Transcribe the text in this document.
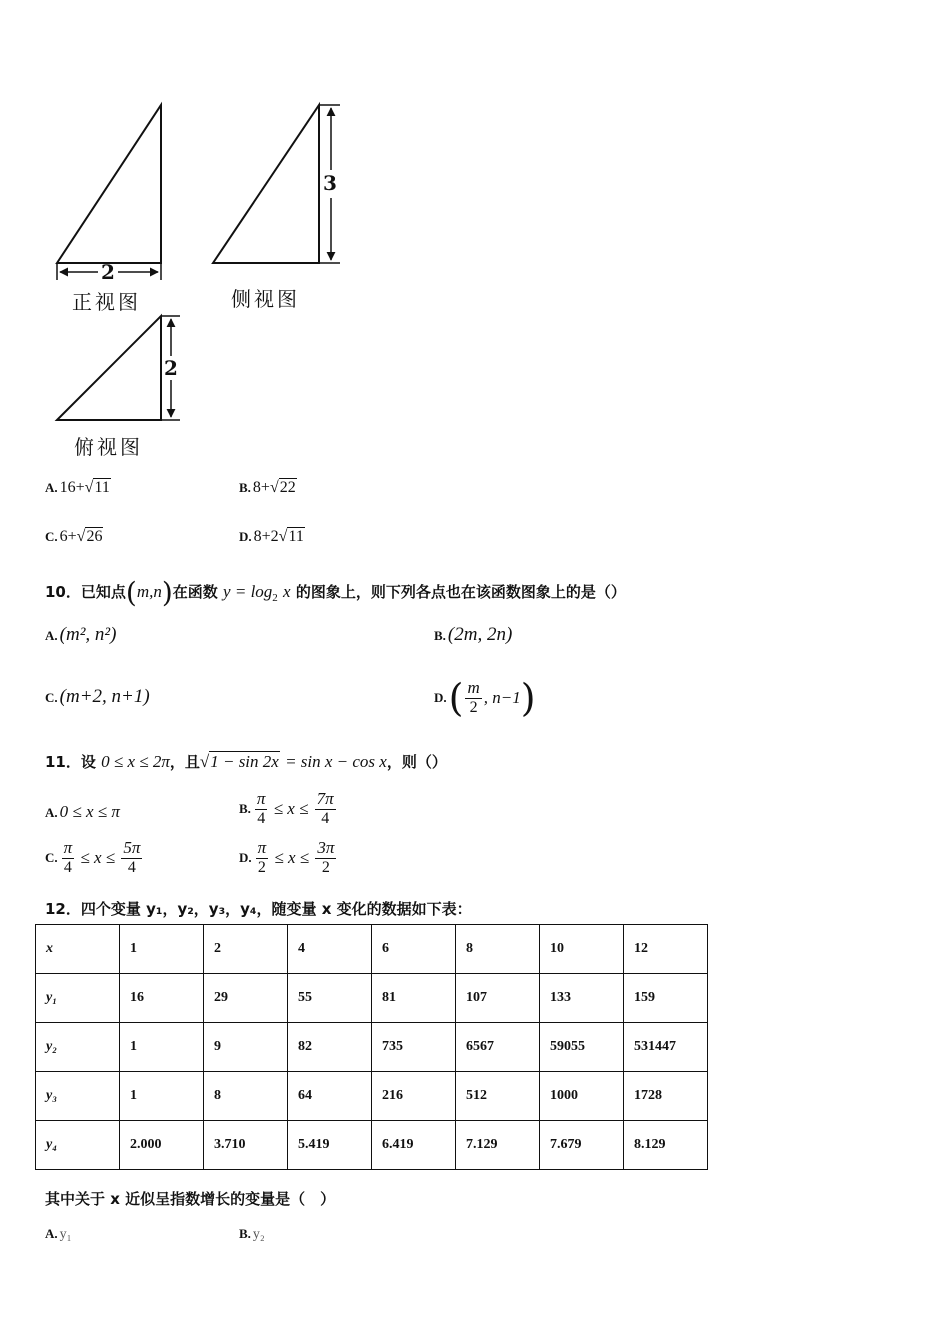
2
3
2
正视图	侧视图
俯视图
A. 16+√11	B. 8+√22
C. 6+√26	D. 8+2√11
10．已知点(m,n)在函数 $y = \log_2 x$ 的图象上，则下列各点也在该函数图象上的是（）
A. (m², n²)	B. (2m, 2n)
C. (m+2, n+1)	D. ( $\frac{m}{2}$ , n−1 )
11．设 0 ≤ x ≤ 2π，且√1 − sin 2x = sin x − cos x，则（）
A. 0 ≤ x ≤ π	B. $\frac{\pi}{4} \le x \le \frac{7\pi}{4}$
C. $\frac{\pi}{4} \le x \le \frac{5\pi}{4}$	D. $\frac{\pi}{2} \le x \le \frac{3\pi}{2}$
12．四个变量 y₁，y₂，y₃，y₄，随变量 x 变化的数据如下表：
x	1	2	4	6	8	10	12
y₁	16	29	55	81	107	133	159
y₂	1	9	82	735	6567	59055	531447
y₃	1	8	64	216	512	1000	1728
y₄	2.000	3.710	5.419	6.419	7.129	7.679	8.129
其中关于 x 近似呈指数增长的变量是（　）
A. y₁	B. y₂
